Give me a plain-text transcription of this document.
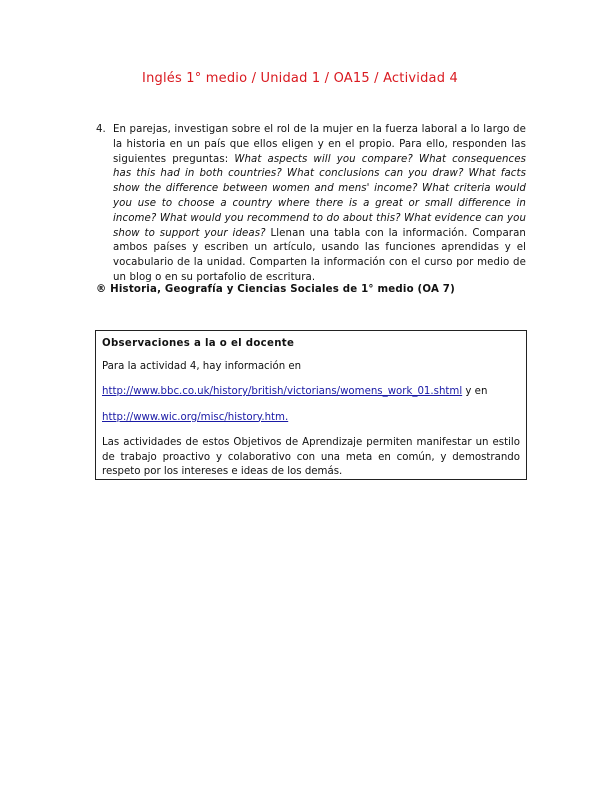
Inglés 1° medio / Unidad 1 / OA15 / Actividad 4
4. En parejas, investigan sobre el rol de la mujer en la fuerza laboral a lo largo de la historia en un país que ellos eligen y en el propio. Para ello, responden las siguientes preguntas: What aspects will you compare? What consequences has this had in both countries? What conclusions can you draw? What facts show the difference between women and mens' income? What criteria would you use to choose a country where there is a great or small difference in income? What would you recommend to do about this? What evidence can you show to support your ideas? Llenan una tabla con la información. Comparan ambos países y escriben un artículo, usando las funciones aprendidas y el vocabulario de la unidad. Comparten la información con el curso por medio de un blog o en su portafolio de escritura.
® Historia, Geografía y Ciencias Sociales de 1° medio (OA 7)
Observaciones a la o el docente

Para la actividad 4, hay información en

http://www.bbc.co.uk/history/british/victorians/womens_work_01.shtml y en

http://www.wic.org/misc/history.htm.

Las actividades de estos Objetivos de Aprendizaje permiten manifestar un estilo de trabajo proactivo y colaborativo con una meta en común, y demostrando respeto por los intereses e ideas de los demás.
